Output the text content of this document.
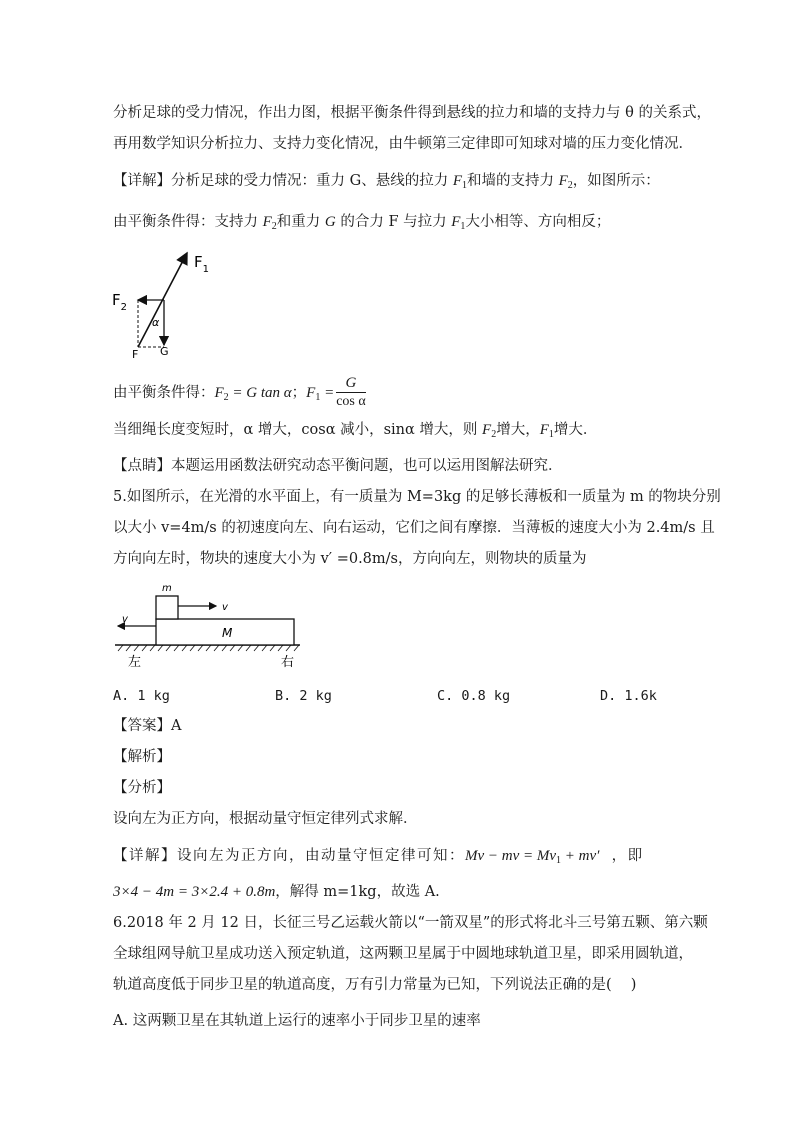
分析足球的受力情况，作出力图，根据平衡条件得到悬线的拉力和墙的支持力与 θ 的关系式，
再用数学知识分析拉力、支持力变化情况，由牛顿第三定律即可知球对墙的压力变化情况．
【详解】分析足球的受力情况：重力 G、悬线的拉力 $F_1$和墙的支持力 $F_2$，如图所示：
由平衡条件得：支持力 $F_2$和重力 G 的合力 F 与拉力 $F_1$大小相等、方向相反；
$F_1$
$F_2$
α
F G
由平衡条件得：$F_2 = G$ tan α；$F_1 = \frac{G}{\text{cos α}}$
当细绳长度变短时，α 增大，cosα 减小，sinα 增大，则 $F_2$增大，$F_1$增大．
【点睛】本题运用函数法研究动态平衡问题，也可以运用图解法研究．
5.如图所示，在光滑的水平面上，有一质量为 M=3kg 的足够长薄板和一质量为 m 的物块分别
以大小 v=4m/s 的初速度向左、向右运动，它们之间有摩擦．当薄板的速度大小为 2.4m/s 且
方向向左时，物块的速度大小为 v′ =0.8m/s，方向向左，则物块的质量为
m
v
v
M
左	右
A. 1 kg	B. 2 kg	C. 0.8 kg	D. 1.6k
【答案】A
【解析】
【分析】
设向左为正方向，根据动量守恒定律列式求解．
【详解】设向左为正方向，由动量守恒定律可知：Mv − mv = $Mv_1 + mv'$ ，即
3×4 − 4m = 3×2.4 + 0.8m，解得 m=1kg，故选 A.
6.2018 年 2 月 12 日，长征三号乙运载火箭以“一箭双星”的形式将北斗三号第五颗、第六颗
全球组网导航卫星成功送入预定轨道，这两颗卫星属于中圆地球轨道卫星，即采用圆轨道，
轨道高度低于同步卫星的轨道高度，万有引力常量为已知，下列说法正确的是(　 )
A. 这两颗卫星在其轨道上运行的速率小于同步卫星的速率
